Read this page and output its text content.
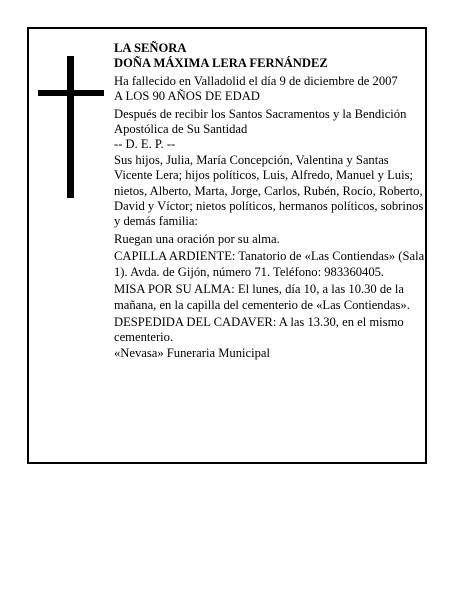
LA SEÑORA

DOÑA MÁXIMA LERA FERNÁNDEZ

Ha fallecido en Valladolid el día 9 de diciembre de 2007

A LOS 90 AÑOS DE EDAD

Después de recibir los Santos Sacramentos y la Bendición Apostólica de Su Santidad

-- D. E. P. --

Sus hijos, Julia, María Concepción, Valentina y Santas Vicente Lera; hijos políticos, Luis, Alfredo, Manuel y Luis; nietos, Alberto, Marta, Jorge, Carlos, Rubén, Rocío, Roberto, David y Víctor; nietos políticos, hermanos políticos, sobrinos y demás familia:

Ruegan una oración por su alma.

CAPILLA ARDIENTE: Tanatorio de «Las Contiendas» (Sala 1). Avda. de Gijón, número 71. Teléfono: 983360405.

MISA POR SU ALMA: El lunes, día 10, a las 10.30 de la mañana, en la capilla del cementerio de «Las Contiendas».

DESPEDIDA DEL CADAVER: A las 13.30, en el mismo cementerio.

«Nevasa» Funeraria Municipal
